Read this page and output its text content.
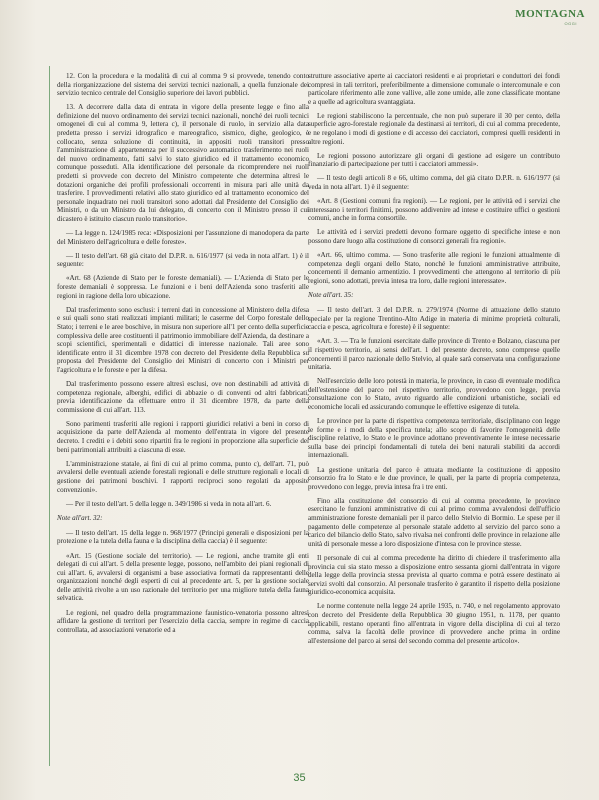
MONTAGNA
OGGI

12. Con la procedura e la modalità di cui al comma 9 si provvede, tenendo conto della riorganizzazione del sistema dei servizi tecnici nazionali, a quella funzionale dei servizio tecnico centrale del Consiglio superiore dei lavori pubblici.

13. A decorrere dalla data di entrata in vigore della presente legge e fino alla definizione del nuovo ordinamento dei servizi tecnici nazionali, nonché dei ruoli tecnici omogenei di cui al comma 9, lettera c), il personale di ruolo, in servizio alla data predetta presso i servizi idrografico e mareografico, sismico, dighe, geologico, è collocato, senza soluzione di continuità, in appositi ruoli transitori presso l'amministrazione di appartenenza per il successivo automatico trasferimento nei ruoli del nuovo ordinamento, fatti salvi lo stato giuridico ed il trattamento economico comunque posseduti. Alla identificazione del personale da ricomprendere nei ruoli predetti si provvede con decreto del Ministro competente che determina altresì le dotazioni organiche dei profili professionali occorrenti in misura pari alle unità da trasferire. I provvedimenti relativi allo stato giuridico ed al trattamento economico del personale inquadrato nei ruoli transitori sono adottati dal Presidente del Consiglio dei Ministri, o da un Ministro da lui delegato, di concerto con il Ministro presso il cui dicastero è istituito ciascun ruolo transitorio».

— La legge n. 124/1985 reca: «Disposizioni per l'assunzione di manodopera da parte del Ministero dell'agricoltura e delle foreste».

— Il testo dell'art. 68 già citato del D.P.R. n. 616/1977 (si veda in nota all'art. 1) è il seguente:

«Art. 68 (Aziende di Stato per le foreste demaniali). — L'Azienda di Stato per le foreste demaniali è soppressa. Le funzioni e i beni dell'Azienda sono trasferiti alle regioni in ragione della loro ubicazione.

Dal trasferimento sono esclusi: i terreni dati in concessione al Ministero della difesa e sui quali sono stati realizzati impianti militari; le caserme del Corpo forestale dello Stato; i terreni e le aree boschive, in misura non superiore all'1 per cento della superficie complessiva delle aree costituenti il patrimonio immobiliare dell'Azienda, da destinare a scopi scientifici, sperimentali e didattici di interesse nazionale. Tali aree sono identificate entro il 31 dicembre 1978 con decreto del Presidente della Repubblica su proposta del Presidente del Consiglio dei Ministri di concerto con i Ministri per l'agricoltura e le foreste e per la difesa.

Dal trasferimento possono essere altresì esclusi, ove non destinabili ad attività di competenza regionale, alberghi, edifici di abbazie o di conventi od altri fabbricati, previa identificazione da effettuare entro il 31 dicembre 1978, da parte della commissione di cui all'art. 113.

Sono parimenti trasferiti alle regioni i rapporti giuridici relativi a beni in corso di acquisizione da parte dell'Azienda al momento dell'entrata in vigore del presente decreto. I crediti e i debiti sono ripartiti fra le regioni in proporzione alla superficie dei beni patrimoniali attribuiti a ciascuna di esse.

L'amministrazione statale, ai fini di cui al primo comma, punto c), dell'art. 71, può avvalersi delle eventuali aziende forestali regionali e delle strutture regionali e locali di gestione dei patrimoni boschivi. I rapporti reciproci sono regolati da apposite convenzioni».

— Per il testo dell'art. 5 della legge n. 349/1986 si veda in nota all'art. 6.

Note all'art. 32:

— Il testo dell'art. 15 della legge n. 968/1977 (Principi generali e disposizioni per la protezione e la tutela della fauna e la disciplina della caccia) è il seguente:

«Art. 15 (Gestione sociale del territorio). — Le regioni, anche tramite gli enti delegati di cui all'art. 5 della presente legge, possono, nell'ambito dei piani regionali di cui all'art. 6, avvalersi di organismi a base associativa formati da rappresentanti delle organizzazioni nonché degli esperti di cui al precedente art. 5, per la gestione sociale delle attività rivolte a un uso razionale del territorio per una migliore tutela della fauna selvatica.

Le regioni, nel quadro della programmazione faunistico-venatoria possono altresì affidare la gestione di territori per l'esercizio della caccia, sempre in regime di caccia controllata, ad associazioni venatorie ed a

strutture associative aperte ai cacciatori residenti e ai proprietari e conduttori dei fondi compresi in tali territori, preferibilmente a dimensione comunale o intercomunale e con particolare riferimento alle zone vallive, alle zone umide, alle zone classificate montane e a quelle ad agricoltura svantaggiata.

Le regioni stabiliscono la percentuale, che non può superare il 30 per cento, della superficie agro-forestale regionale da destinarsi ai territori, di cui al comma precedente, e ne regolano i modi di gestione e di accesso dei cacciatori, compresi quelli residenti in altre regioni.

Le regioni possono autorizzare gli organi di gestione ad esigere un contributo finanziario di partecipazione per tutti i cacciatori ammessi».

— Il testo degli articoli 8 e 66, ultimo comma, del già citato D.P.R. n. 616/1977 (si veda in nota all'art. 1) è il seguente:

«Art. 8 (Gestioni comuni fra regioni). — Le regioni, per le attività ed i servizi che interessano i territori finitimi, possono addivenire ad intese e costituire uffici o gestioni comuni, anche in forma consortile.

Le attività ed i servizi predetti devono formare oggetto di specifiche intese e non possono dare luogo alla costituzione di consorzi generali fra regioni».

«Art. 66, ultimo comma. — Sono trasferite alle regioni le funzioni attualmente di competenza degli organi dello Stato, nonché le funzioni amministrative attribuite, concernenti il demanio armentizio. I provvedimenti che attengono al territorio di più regioni, sono adottati, previa intesa tra loro, dalle regioni interessate».

Note all'art. 35:

— Il testo dell'art. 3 del D.P.R. n. 279/1974 (Norme di attuazione dello statuto speciale per la regione Trentino-Alto Adige in materia di minime proprietà colturali, caccia e pesca, agricoltura e foreste) è il seguente:

«Art. 3. — Tra le funzioni esercitate dalle province di Trento e Bolzano, ciascuna per il rispettivo territorio, ai sensi dell'art. 1 del presente decreto, sono comprese quelle concernenti il parco nazionale dello Stelvio, al quale sarà conservata una configurazione unitaria.

Nell'esercizio delle loro potestà in materia, le province, in caso di eventuale modifica dell'estensione del parco nel rispettivo territorio, provvedono con legge, previa consultazione con lo Stato, avuto riguardo alle condizioni urbanistiche, sociali ed economiche locali ed assicurando comunque le effettive esigenze di tutela.

Le province per la parte di rispettiva competenza territoriale, disciplinano con legge le forme e i modi della specifica tutela; allo scopo di favorire l'omogeneità delle discipline relative, lo Stato e le province adottano preventivamente le intese necessarie sulla base dei principi fondamentali di tutela dei beni naturali stabiliti da accordi internazionali.

La gestione unitaria del parco è attuata mediante la costituzione di apposito consorzio fra lo Stato e le due province, le quali, per la parte di propria competenza, provvedono con legge, previa intesa fra i tre enti.

Fino alla costituzione del consorzio di cui al comma precedente, le province esercitano le funzioni amministrative di cui al primo comma avvalendosi dell'ufficio amministrazione foreste demaniali per il parco dello Stelvio di Bormio. Le spese per il pagamento delle competenze al personale statale addetto al servizio del parco sono a carico del bilancio dello Stato, salvo rivalsa nei confronti delle province in relazione alle unità di personale messe a loro disposizione d'intesa con le province stesse.

Il personale di cui al comma precedente ha diritto di chiedere il trasferimento alla provincia cui sia stato messo a disposizione entro sessanta giorni dall'entrata in vigore della legge della provincia stessa prevista al quarto comma e potrà essere destinato ai servizi svolti dal consorzio. Al personale trasferito è garantito il rispetto della posizione giuridico-economica acquisita.

Le norme contenute nella legge 24 aprile 1935, n. 740, e nel regolamento approvato con decreto del Presidente della Repubblica 30 giugno 1951, n. 1178, per quanto applicabili, restano operanti fino all'entrata in vigore della disciplina di cui al terzo comma, salva la facoltà delle province di provvedere anche prima in ordine all'estensione del parco ai sensi del secondo comma del presente articolo».

35
